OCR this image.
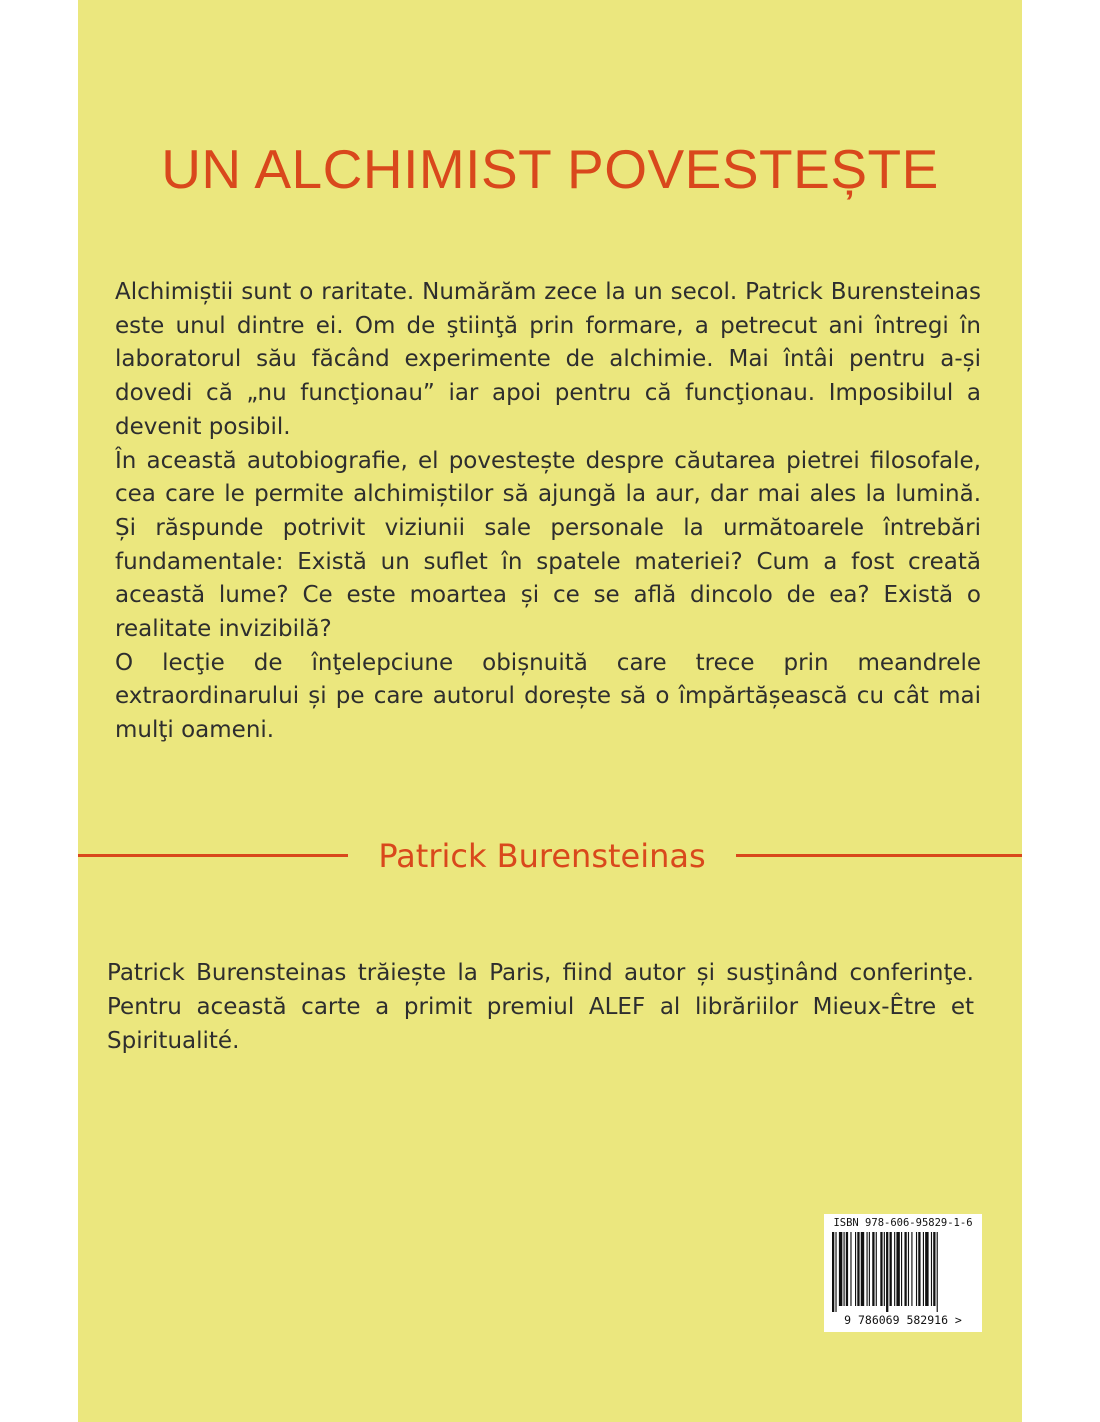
UN ALCHIMIST POVESTEȘTE

Alchimiștii sunt o raritate. Numărăm zece la un secol. Patrick Burensteinas este unul dintre ei. Om de ştiinţă prin formare, a petrecut ani întregi în laboratorul său făcând experimente de alchimie. Mai întâi pentru a-și dovedi că „nu funcţionau” iar apoi pentru că funcţionau. Imposibilul a devenit posibil.

În această autobiografie, el povestește despre căutarea pietrei filosofale, cea care le permite alchimiștilor să ajungă la aur, dar mai ales la lumină. Și răspunde potrivit viziunii sale personale la următoarele întrebări fundamentale: Există un suflet în spatele materiei? Cum a fost creată această lume? Ce este moartea și ce se află dincolo de ea? Există o realitate invizibilă?

O lecţie de înţelepciune obișnuită care trece prin meandrele extraordinarului și pe care autorul dorește să o împărtășească cu cât mai mulţi oameni.

Patrick Burensteinas

Patrick Burensteinas trăiește la Paris, fiind autor și susţinând conferinţe. Pentru această carte a primit premiul ALEF al librăriilor Mieux-Être et Spiritualité.

ISBN 978-606-95829-1-6
9 786069 582916 >
